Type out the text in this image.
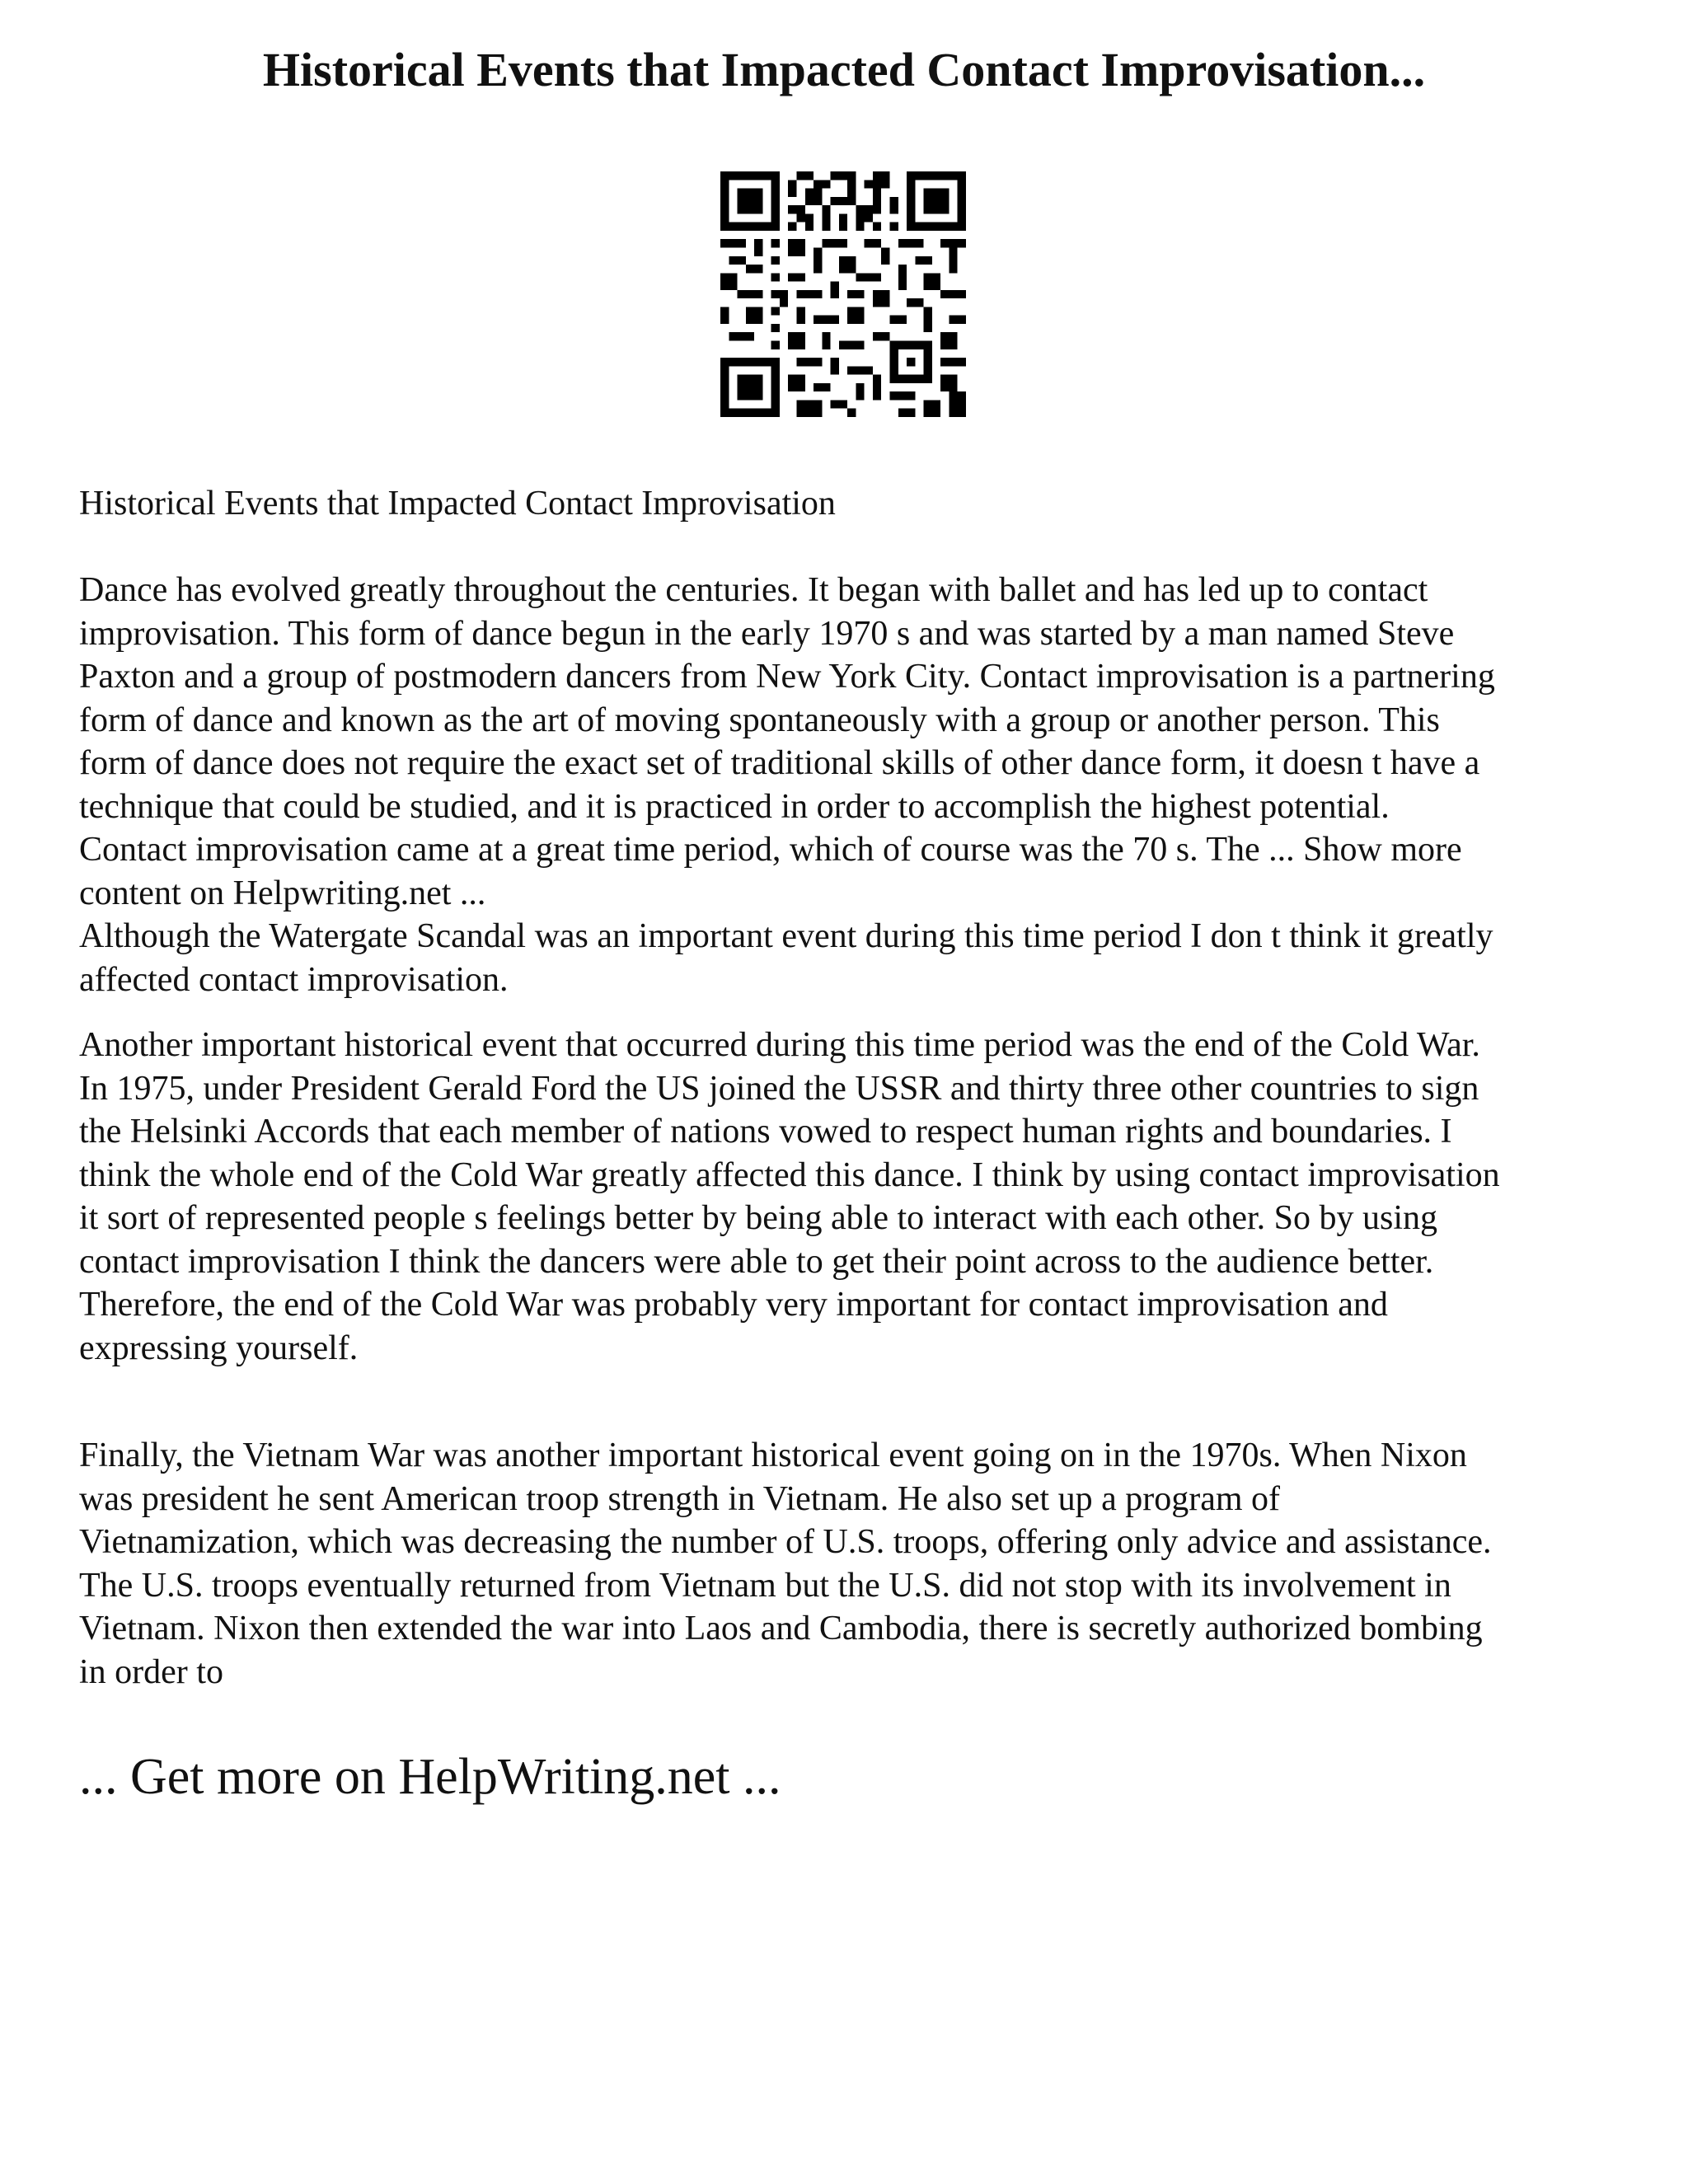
Historical Events that Impacted Contact Improvisation...

Historical Events that Impacted Contact Improvisation

Dance has evolved greatly throughout the centuries. It began with ballet and has led up to contact
improvisation. This form of dance begun in the early 1970 s and was started by a man named Steve
Paxton and a group of postmodern dancers from New York City. Contact improvisation is a partnering
form of dance and known as the art of moving spontaneously with a group or another person. This
form of dance does not require the exact set of traditional skills of other dance form, it doesn t have a
technique that could be studied, and it is practiced in order to accomplish the highest potential.
Contact improvisation came at a great time period, which of course was the 70 s. The ... Show more
content on Helpwriting.net ...
Although the Watergate Scandal was an important event during this time period I don t think it greatly
affected contact improvisation.

Another important historical event that occurred during this time period was the end of the Cold War.
In 1975, under President Gerald Ford the US joined the USSR and thirty three other countries to sign
the Helsinki Accords that each member of nations vowed to respect human rights and boundaries. I
think the whole end of the Cold War greatly affected this dance. I think by using contact improvisation
it sort of represented people s feelings better by being able to interact with each other. So by using
contact improvisation I think the dancers were able to get their point across to the audience better.
Therefore, the end of the Cold War was probably very important for contact improvisation and
expressing yourself.

Finally, the Vietnam War was another important historical event going on in the 1970s. When Nixon
was president he sent American troop strength in Vietnam. He also set up a program of
Vietnamization, which was decreasing the number of U.S. troops, offering only advice and assistance.
The U.S. troops eventually returned from Vietnam but the U.S. did not stop with its involvement in
Vietnam. Nixon then extended the war into Laos and Cambodia, there is secretly authorized bombing
in order to

... Get more on HelpWriting.net ...
